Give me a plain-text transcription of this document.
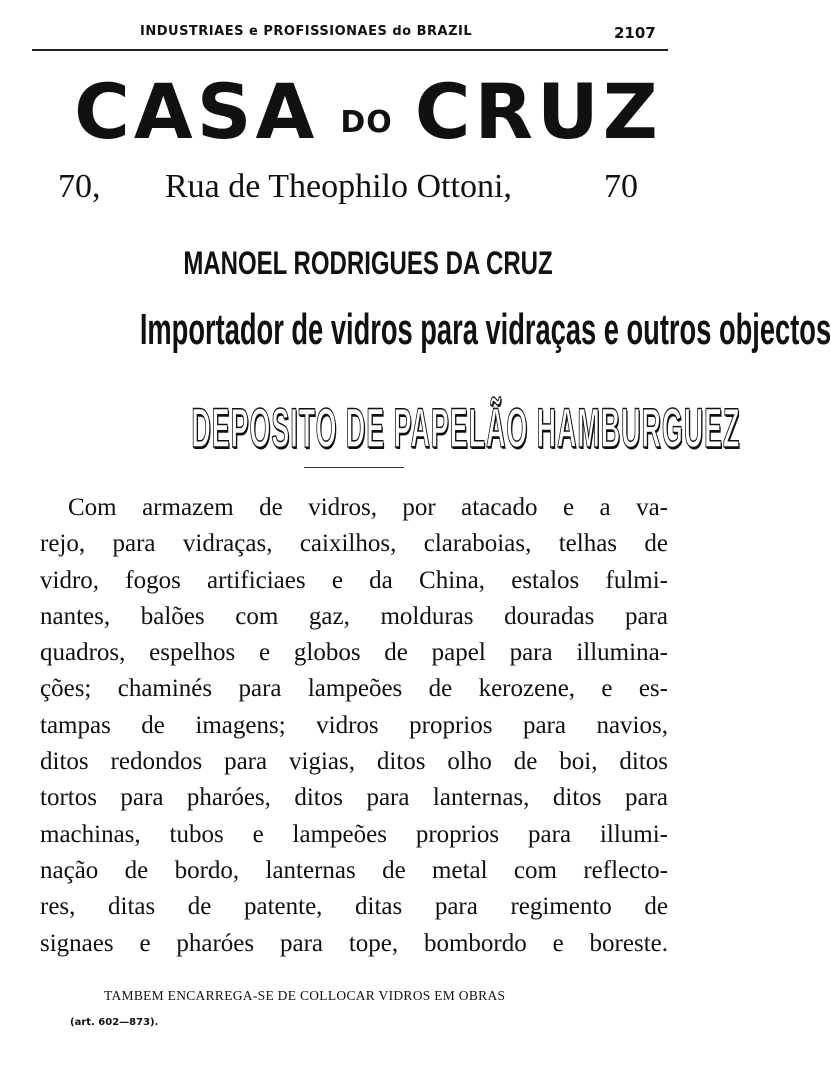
INDUSTRIAES e PROFISSIONAES do BRAZIL	2107
CASA DO CRUZ
70, Rua de Theophilo Ottoni,	70
MANOEL RODRIGUES DA CRUZ
Importador de vidros para vidraças e outros objectos
DEPOSITO DE PAPELÃO HAMBURGUEZ
Com armazem de vidros, por atacado e a va-
rejo, para vidraças, caixilhos, claraboias, telhas de
vidro, fogos artificiaes e da China, estalos fulmi-
nantes, balões com gaz, molduras douradas para
quadros, espelhos e globos de papel para illumina-
ções; chaminés para lampeões de kerozene, e es-
tampas de imagens; vidros proprios para navios,
ditos redondos para vigias, ditos olho de boi, ditos
tortos para pharóes, ditos para lanternas, ditos para
machinas, tubos e lampeões proprios para illumi-
nação de bordo, lanternas de metal com reflecto-
res, ditas de patente, ditas para regimento de
signaes e pharóes para tope, bombordo e boreste.
TAMBEM ENCARREGA-SE DE COLLOCAR VIDROS EM OBRAS
(art. 602—873).
